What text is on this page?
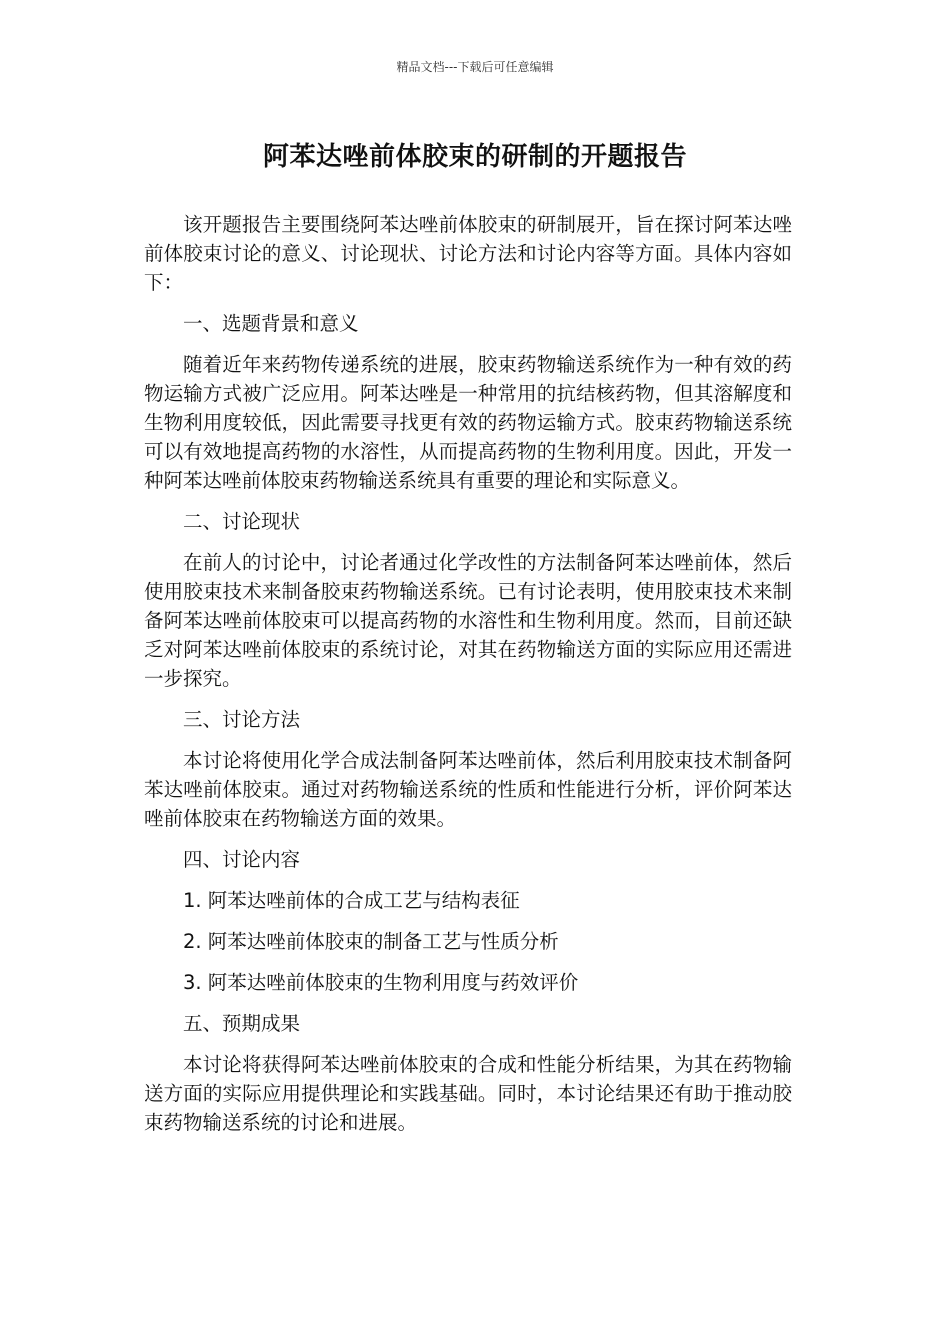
精品文档---下载后可任意编辑
阿苯达唑前体胶束的研制的开题报告

该开题报告主要围绕阿苯达唑前体胶束的研制展开，旨在探讨阿苯达唑前体胶束讨论的意义、讨论现状、讨论方法和讨论内容等方面。具体内容如下：

一、选题背景和意义

随着近年来药物传递系统的进展，胶束药物输送系统作为一种有效的药物运输方式被广泛应用。阿苯达唑是一种常用的抗结核药物，但其溶解度和生物利用度较低，因此需要寻找更有效的药物运输方式。胶束药物输送系统可以有效地提高药物的水溶性，从而提高药物的生物利用度。因此，开发一种阿苯达唑前体胶束药物输送系统具有重要的理论和实际意义。

二、讨论现状

在前人的讨论中，讨论者通过化学改性的方法制备阿苯达唑前体，然后使用胶束技术来制备胶束药物输送系统。已有讨论表明，使用胶束技术来制备阿苯达唑前体胶束可以提高药物的水溶性和生物利用度。然而，目前还缺乏对阿苯达唑前体胶束的系统讨论，对其在药物输送方面的实际应用还需进一步探究。

三、讨论方法

本讨论将使用化学合成法制备阿苯达唑前体，然后利用胶束技术制备阿苯达唑前体胶束。通过对药物输送系统的性质和性能进行分析，评价阿苯达唑前体胶束在药物输送方面的效果。

四、讨论内容

1. 阿苯达唑前体的合成工艺与结构表征

2. 阿苯达唑前体胶束的制备工艺与性质分析

3. 阿苯达唑前体胶束的生物利用度与药效评价

五、预期成果

本讨论将获得阿苯达唑前体胶束的合成和性能分析结果，为其在药物输送方面的实际应用提供理论和实践基础。同时，本讨论结果还有助于推动胶束药物输送系统的讨论和进展。
